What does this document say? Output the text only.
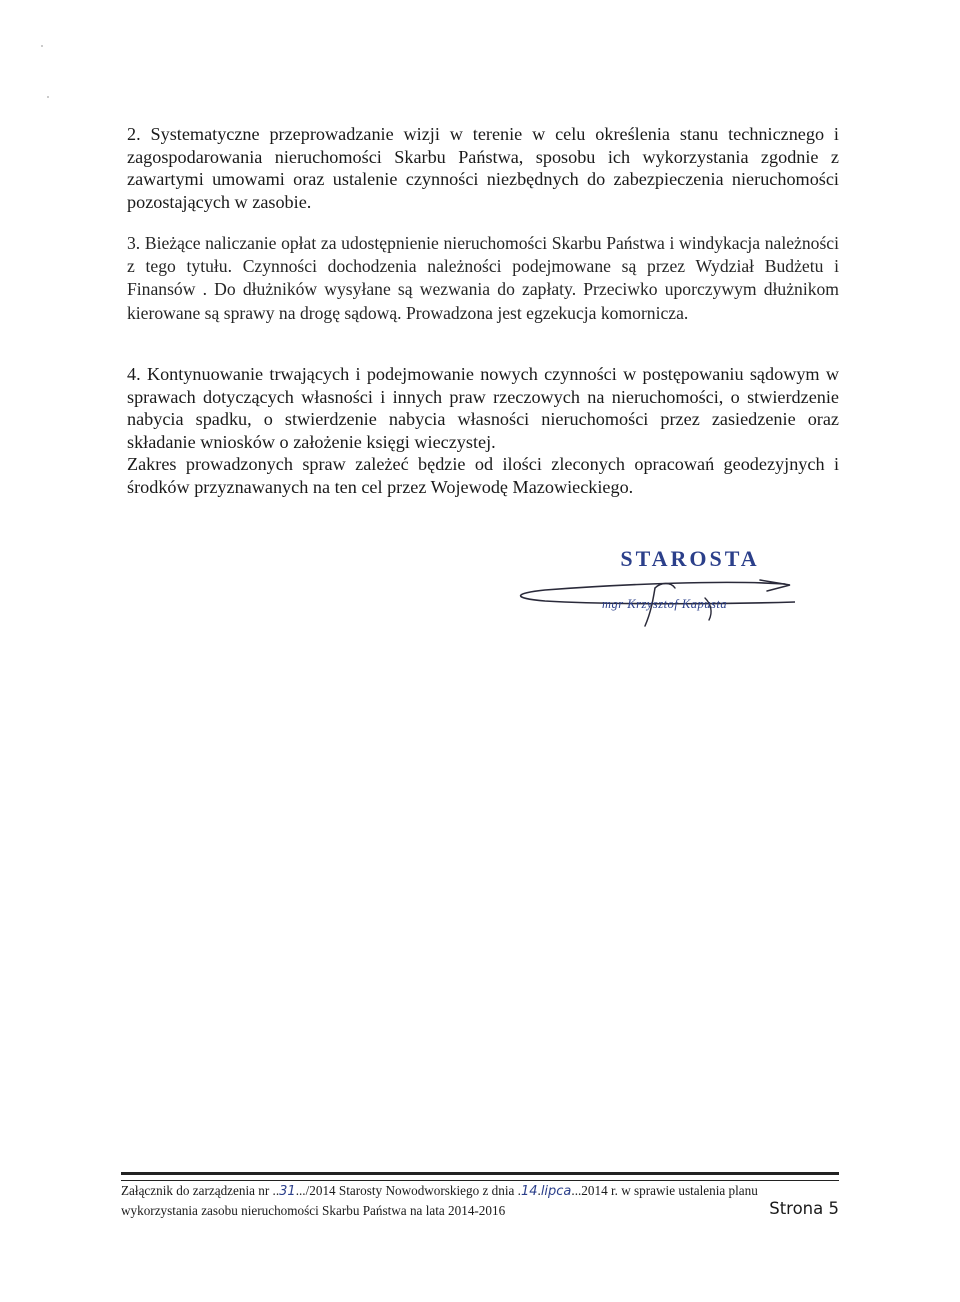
2. Systematyczne przeprowadzanie wizji w terenie w celu określenia stanu technicznego i zagospodarowania nieruchomości Skarbu Państwa, sposobu ich wykorzystania zgodnie z zawartymi umowami oraz ustalenie czynności niezbędnych do zabezpieczenia nieruchomości pozostających w zasobie.

3. Bieżące naliczanie opłat za udostępnienie nieruchomości Skarbu Państwa i windykacja należności z tego tytułu. Czynności dochodzenia należności podejmowane są przez Wydział Budżetu i Finansów . Do dłużników wysyłane są wezwania do zapłaty. Przeciwko uporczywym dłużnikom kierowane są sprawy na drogę sądową. Prowadzona jest egzekucja komornicza.

4. Kontynuowanie trwających i podejmowanie nowych czynności w postępowaniu sądowym w sprawach dotyczących własności i innych praw rzeczowych na nieruchomości, o stwierdzenie nabycia spadku, o stwierdzenie nabycia własności nieruchomości przez zasiedzenie oraz składanie wniosków o założenie księgi wieczystej.

Zakres prowadzonych spraw zależeć będzie od ilości zleconych opracowań geodezyjnych i środków przyznawanych na ten cel przez Wojewodę Mazowieckiego.

STAROSTA
mgr Krzysztof Kapusta
Załącznik do zarządzenia nr ..31.../2014 Starosty Nowodworskiego z dnia .14.lipca...2014 r. w sprawie ustalenia planu
wykorzystania zasobu nieruchomości Skarbu Państwa na lata 2014-2016	Strona 5
